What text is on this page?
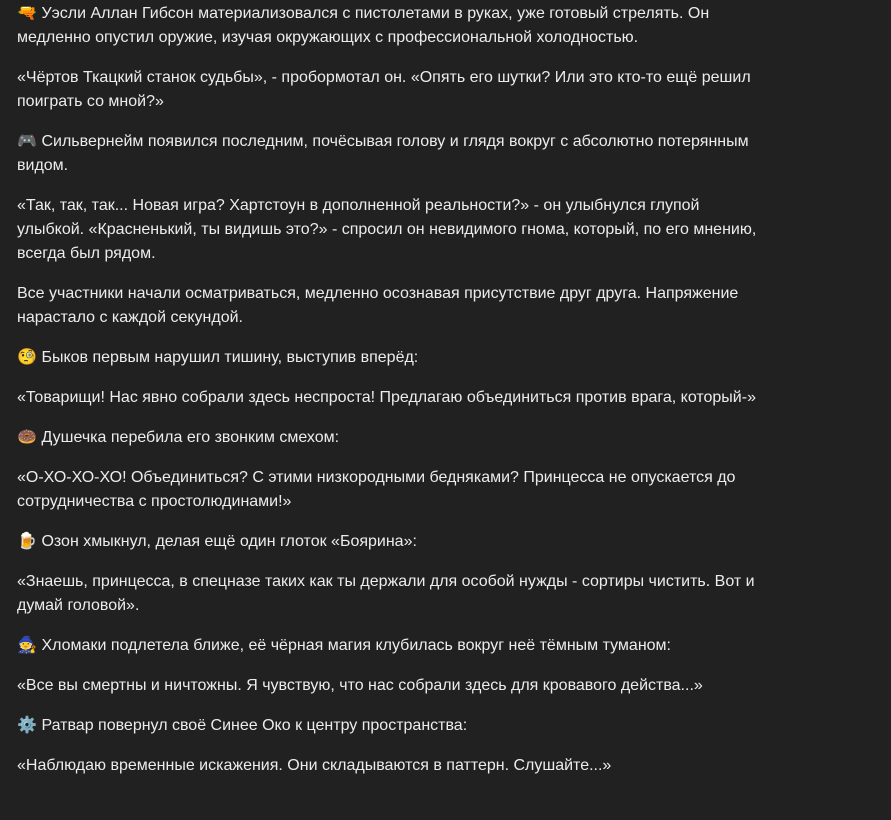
🔫 Уэсли Аллан Гибсон материализовался с пистолетами в руках, уже готовый стрелять. Он медленно опустил оружие, изучая окружающих с профессиональной холодностью.

«Чёртов Ткацкий станок судьбы», - пробормотал он. «Опять его шутки? Или это кто-то ещё решил поиграть со мной?»

🎮 Сильвернейм появился последним, почёсывая голову и глядя вокруг с абсолютно потерянным видом.

«Так, так, так... Новая игра? Хартстоун в дополненной реальности?» - он улыбнулся глупой улыбкой. «Красненький, ты видишь это?» - спросил он невидимого гнома, который, по его мнению, всегда был рядом.

Все участники начали осматриваться, медленно осознавая присутствие друг друга. Напряжение нарастало с каждой секундой.

🧐 Быков первым нарушил тишину, выступив вперёд:

«Товарищи! Нас явно собрали здесь неспроста! Предлагаю объединиться против врага, который-»

🍩 Душечка перебила его звонким смехом:

«О-ХО-ХО-ХО! Объединиться? С этими низкородными бедняками? Принцесса не опускается до сотрудничества с простолюдинами!»

🍺 Озон хмыкнул, делая ещё один глоток «Боярина»:

«Знаешь, принцесса, в спецназе таких как ты держали для особой нужды - сортиры чистить. Вот и думай головой».

🧙 Хломаки подлетела ближе, её чёрная магия клубилась вокруг неё тёмным туманом:

«Все вы смертны и ничтожны. Я чувствую, что нас собрали здесь для кровавого действа...»

⚙️ Ратвар повернул своё Синее Око к центру пространства:

«Наблюдаю временные искажения. Они складываются в паттерн. Слушайте...»
